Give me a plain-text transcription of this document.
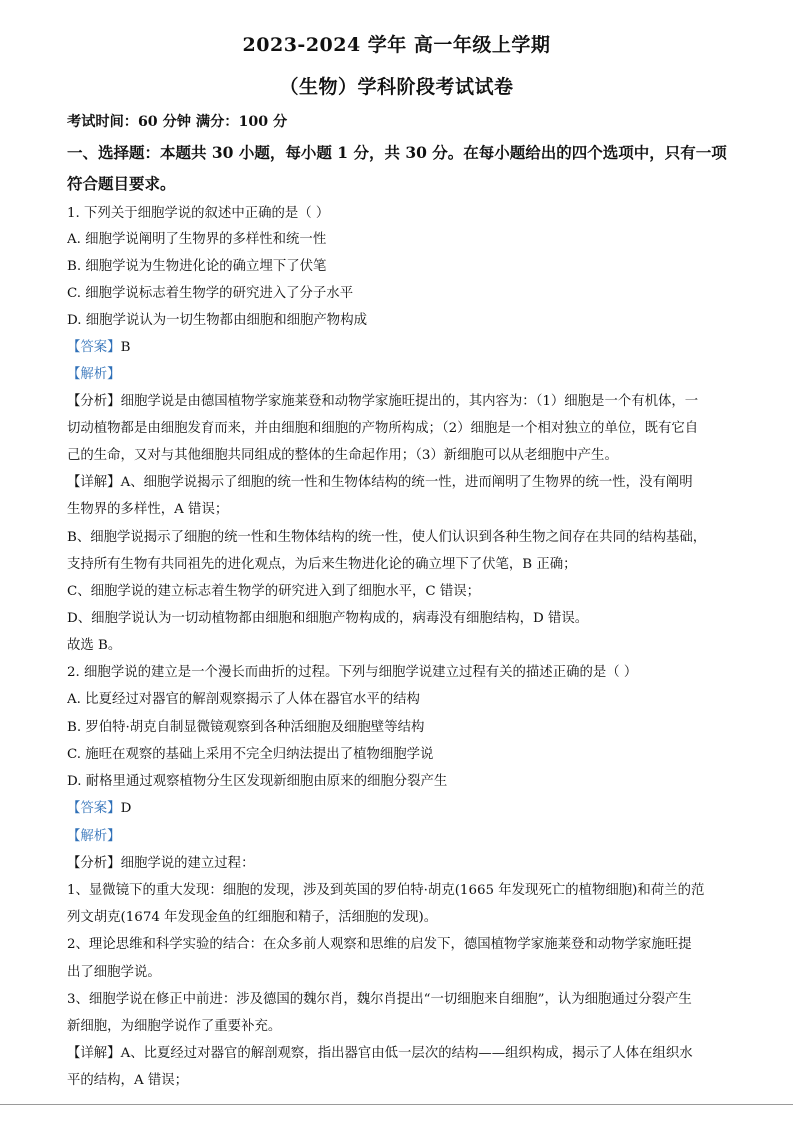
2023-2024 学年 高一年级上学期
（生物）学科阶段考试试卷
考试时间：60 分钟 满分：100 分
一、选择题：本题共 30 小题，每小题 1 分，共 30 分。在每小题给出的四个选项中，只有一项
符合题目要求。
1. 下列关于细胞学说的叙述中正确的是（ ）
A. 细胞学说阐明了生物界的多样性和统一性
B. 细胞学说为生物进化论的确立埋下了伏笔
C. 细胞学说标志着生物学的研究进入了分子水平
D. 细胞学说认为一切生物都由细胞和细胞产物构成
【答案】B
【解析】
【分析】细胞学说是由德国植物学家施莱登和动物学家施旺提出的，其内容为：（1）细胞是一个有机体，一
切动植物都是由细胞发育而来，并由细胞和细胞的产物所构成；（2）细胞是一个相对独立的单位，既有它自
己的生命，又对与其他细胞共同组成的整体的生命起作用；（3）新细胞可以从老细胞中产生。
【详解】A、细胞学说揭示了细胞的统一性和生物体结构的统一性，进而阐明了生物界的统一性，没有阐明
生物界的多样性，A 错误；
B、细胞学说揭示了细胞的统一性和生物体结构的统一性，使人们认识到各种生物之间存在共同的结构基础，
支持所有生物有共同祖先的进化观点，为后来生物进化论的确立埋下了伏笔，B 正确；
C、细胞学说的建立标志着生物学的研究进入到了细胞水平，C 错误；
D、细胞学说认为一切动植物都由细胞和细胞产物构成的，病毒没有细胞结构，D 错误。
故选 B。
2. 细胞学说的建立是一个漫长而曲折的过程。下列与细胞学说建立过程有关的描述正确的是（ ）
A. 比夏经过对器官的解剖观察揭示了人体在器官水平的结构
B. 罗伯特·胡克自制显微镜观察到各种活细胞及细胞壁等结构
C. 施旺在观察的基础上采用不完全归纳法提出了植物细胞学说
D. 耐格里通过观察植物分生区发现新细胞由原来的细胞分裂产生
【答案】D
【解析】
【分析】细胞学说的建立过程：
1、显微镜下的重大发现：细胞的发现，涉及到英国的罗伯特·胡克(1665 年发现死亡的植物细胞)和荷兰的范
列文胡克(1674 年发现金鱼的红细胞和精子，活细胞的发现)。
2、理论思维和科学实验的结合：在众多前人观察和思维的启发下，德国植物学家施莱登和动物学家施旺提
出了细胞学说。
3、细胞学说在修正中前进：涉及德国的魏尔肖，魏尔肖提出“一切细胞来自细胞”，认为细胞通过分裂产生
新细胞，为细胞学说作了重要补充。
【详解】A、比夏经过对器官的解剖观察，指出器官由低一层次的结构——组织构成，揭示了人体在组织水
平的结构，A 错误；
